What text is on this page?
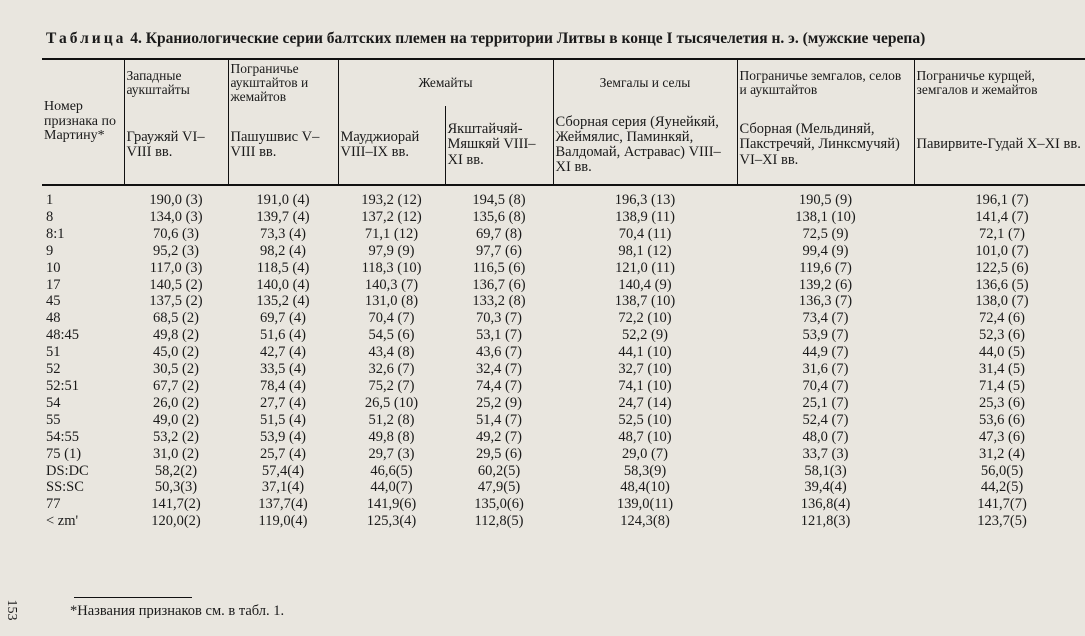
Таблица 4. Краниологические серии балтских племен на территории Литвы в конце I тысячелетия н. э. (мужские черепа)
Номер признака по Мартину*	Западные аукштайты	Пограничье аукштайтов и жемайтов	Жемайты		Земгалы и селы	Пограничье земгалов, селов и аукштайтов	Пограничье курщей, земгалов и жемайтов
	Граужяй VI–VIII вв.	Пашушвис V–VIII вв.	Мауджиорай VIII–IX вв.	Якштайчяй-Мяшкяй VIII–XI вв.	Сборная серия (Яунейкяй, Жеймялис, Паминкяй, Валдомай, Астравас) VIII–XI вв.	Сборная (Мельдиняй, Пакстречяй, Линксмучяй) VI–XI вв.	Павирвите-Гудай X–XI вв.
1	190,0 (3)	191,0 (4)	193,2 (12)	194,5 (8)	196,3 (13)	190,5 (9)	196,1 (7)
8	134,0 (3)	139,7 (4)	137,2 (12)	135,6 (8)	138,9 (11)	138,1 (10)	141,4 (7)
8:1	70,6 (3)	73,3 (4)	71,1 (12)	69,7 (8)	70,4 (11)	72,5 (9)	72,1 (7)
9	95,2 (3)	98,2 (4)	97,9 (9)	97,7 (6)	98,1 (12)	99,4 (9)	101,0 (7)
10	117,0 (3)	118,5 (4)	118,3 (10)	116,5 (6)	121,0 (11)	119,6 (7)	122,5 (6)
17	140,5 (2)	140,0 (4)	140,3 (7)	136,7 (6)	140,4 (9)	139,2 (6)	136,6 (5)
45	137,5 (2)	135,2 (4)	131,0 (8)	133,2 (8)	138,7 (10)	136,3 (7)	138,0 (7)
48	68,5 (2)	69,7 (4)	70,4 (7)	70,3 (7)	72,2 (10)	73,4 (7)	72,4 (6)
48:45	49,8 (2)	51,6 (4)	54,5 (6)	53,1 (7)	52,2 (9)	53,9 (7)	52,3 (6)
51	45,0 (2)	42,7 (4)	43,4 (8)	43,6 (7)	44,1 (10)	44,9 (7)	44,0 (5)
52	30,5 (2)	33,5 (4)	32,6 (7)	32,4 (7)	32,7 (10)	31,6 (7)	31,4 (5)
52:51	67,7 (2)	78,4 (4)	75,2 (7)	74,4 (7)	74,1 (10)	70,4 (7)	71,4 (5)
54	26,0 (2)	27,7 (4)	26,5 (10)	25,2 (9)	24,7 (14)	25,1 (7)	25,3 (6)
55	49,0 (2)	51,5 (4)	51,2 (8)	51,4 (7)	52,5 (10)	52,4 (7)	53,6 (6)
54:55	53,2 (2)	53,9 (4)	49,8 (8)	49,2 (7)	48,7 (10)	48,0 (7)	47,3 (6)
75 (1)	31,0 (2)	25,7 (4)	29,7 (3)	29,5 (6)	29,0 (7)	33,7 (3)	31,2 (4)
DS:DC	58,2(2)	57,4(4)	46,6(5)	60,2(5)	58,3(9)	58,1(3)	56,0(5)
SS:SC	50,3(3)	37,1(4)	44,0(7)	47,9(5)	48,4(10)	39,4(4)	44,2(5)
77	141,7(2)	137,7(4)	141,9(6)	135,0(6)	139,0(11)	136,8(4)	141,7(7)
< zm'	120,0(2)	119,0(4)	125,3(4)	112,8(5)	124,3(8)	121,8(3)	123,7(5)
*Названия признаков см. в табл. 1.
153
